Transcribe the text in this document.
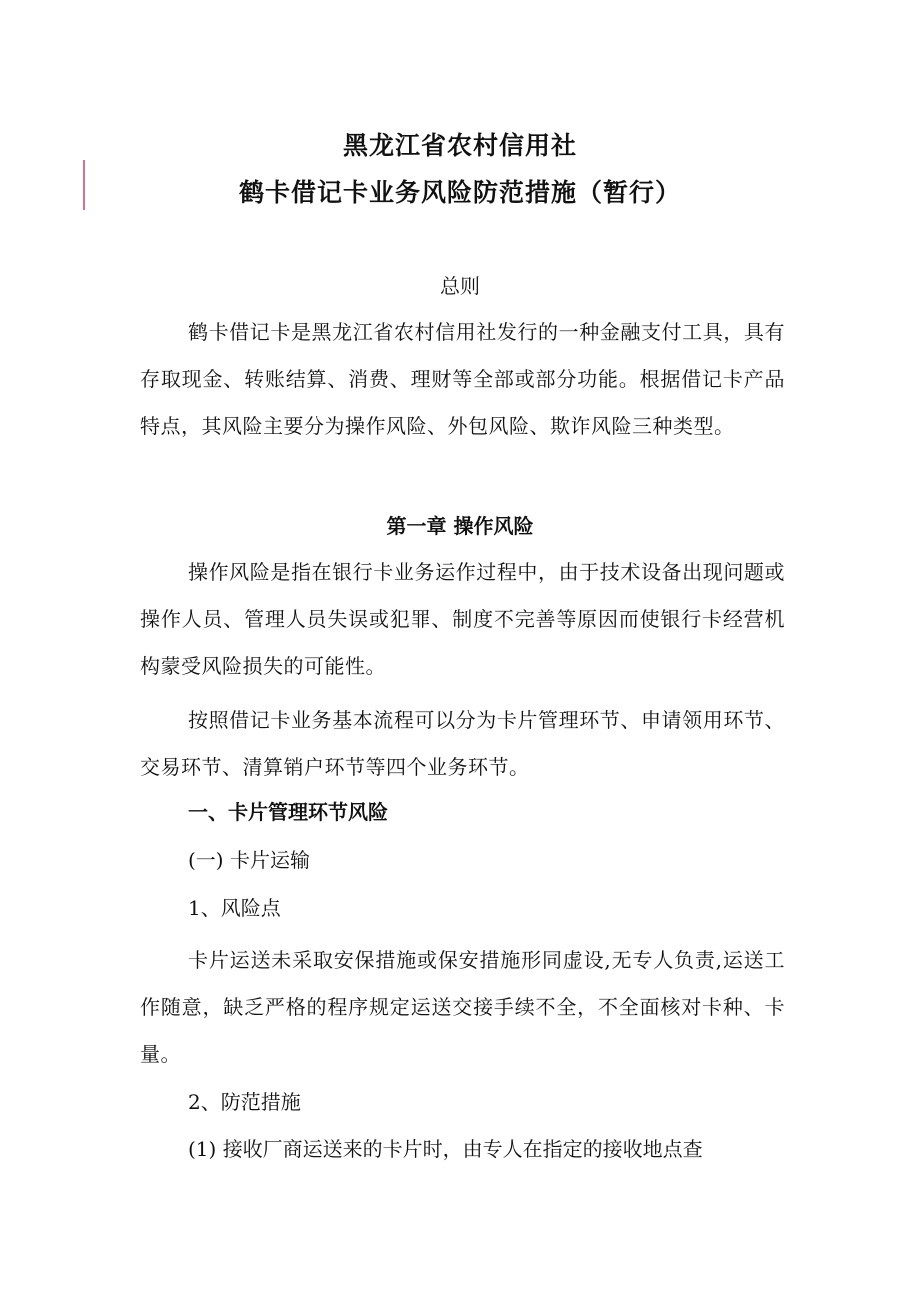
黑龙江省农村信用社
鹤卡借记卡业务风险防范措施（暂行）
总则
鹤卡借记卡是黑龙江省农村信用社发行的一种金融支付工具，具有存取现金、转账结算、消费、理财等全部或部分功能。根据借记卡产品特点，其风险主要分为操作风险、外包风险、欺诈风险三种类型。
第一章 操作风险
操作风险是指在银行卡业务运作过程中，由于技术设备出现问题或操作人员、管理人员失误或犯罪、制度不完善等原因而使银行卡经营机构蒙受风险损失的可能性。
按照借记卡业务基本流程可以分为卡片管理环节、申请领用环节、交易环节、清算销户环节等四个业务环节。
一、卡片管理环节风险
(一) 卡片运输
1、风险点
卡片运送未采取安保措施或保安措施形同虚设,无专人负责,运送工作随意，缺乏严格的程序规定运送交接手续不全，不全面核对卡种、卡量。
2、防范措施
(1) 接收厂商运送来的卡片时，由专人在指定的接收地点查
